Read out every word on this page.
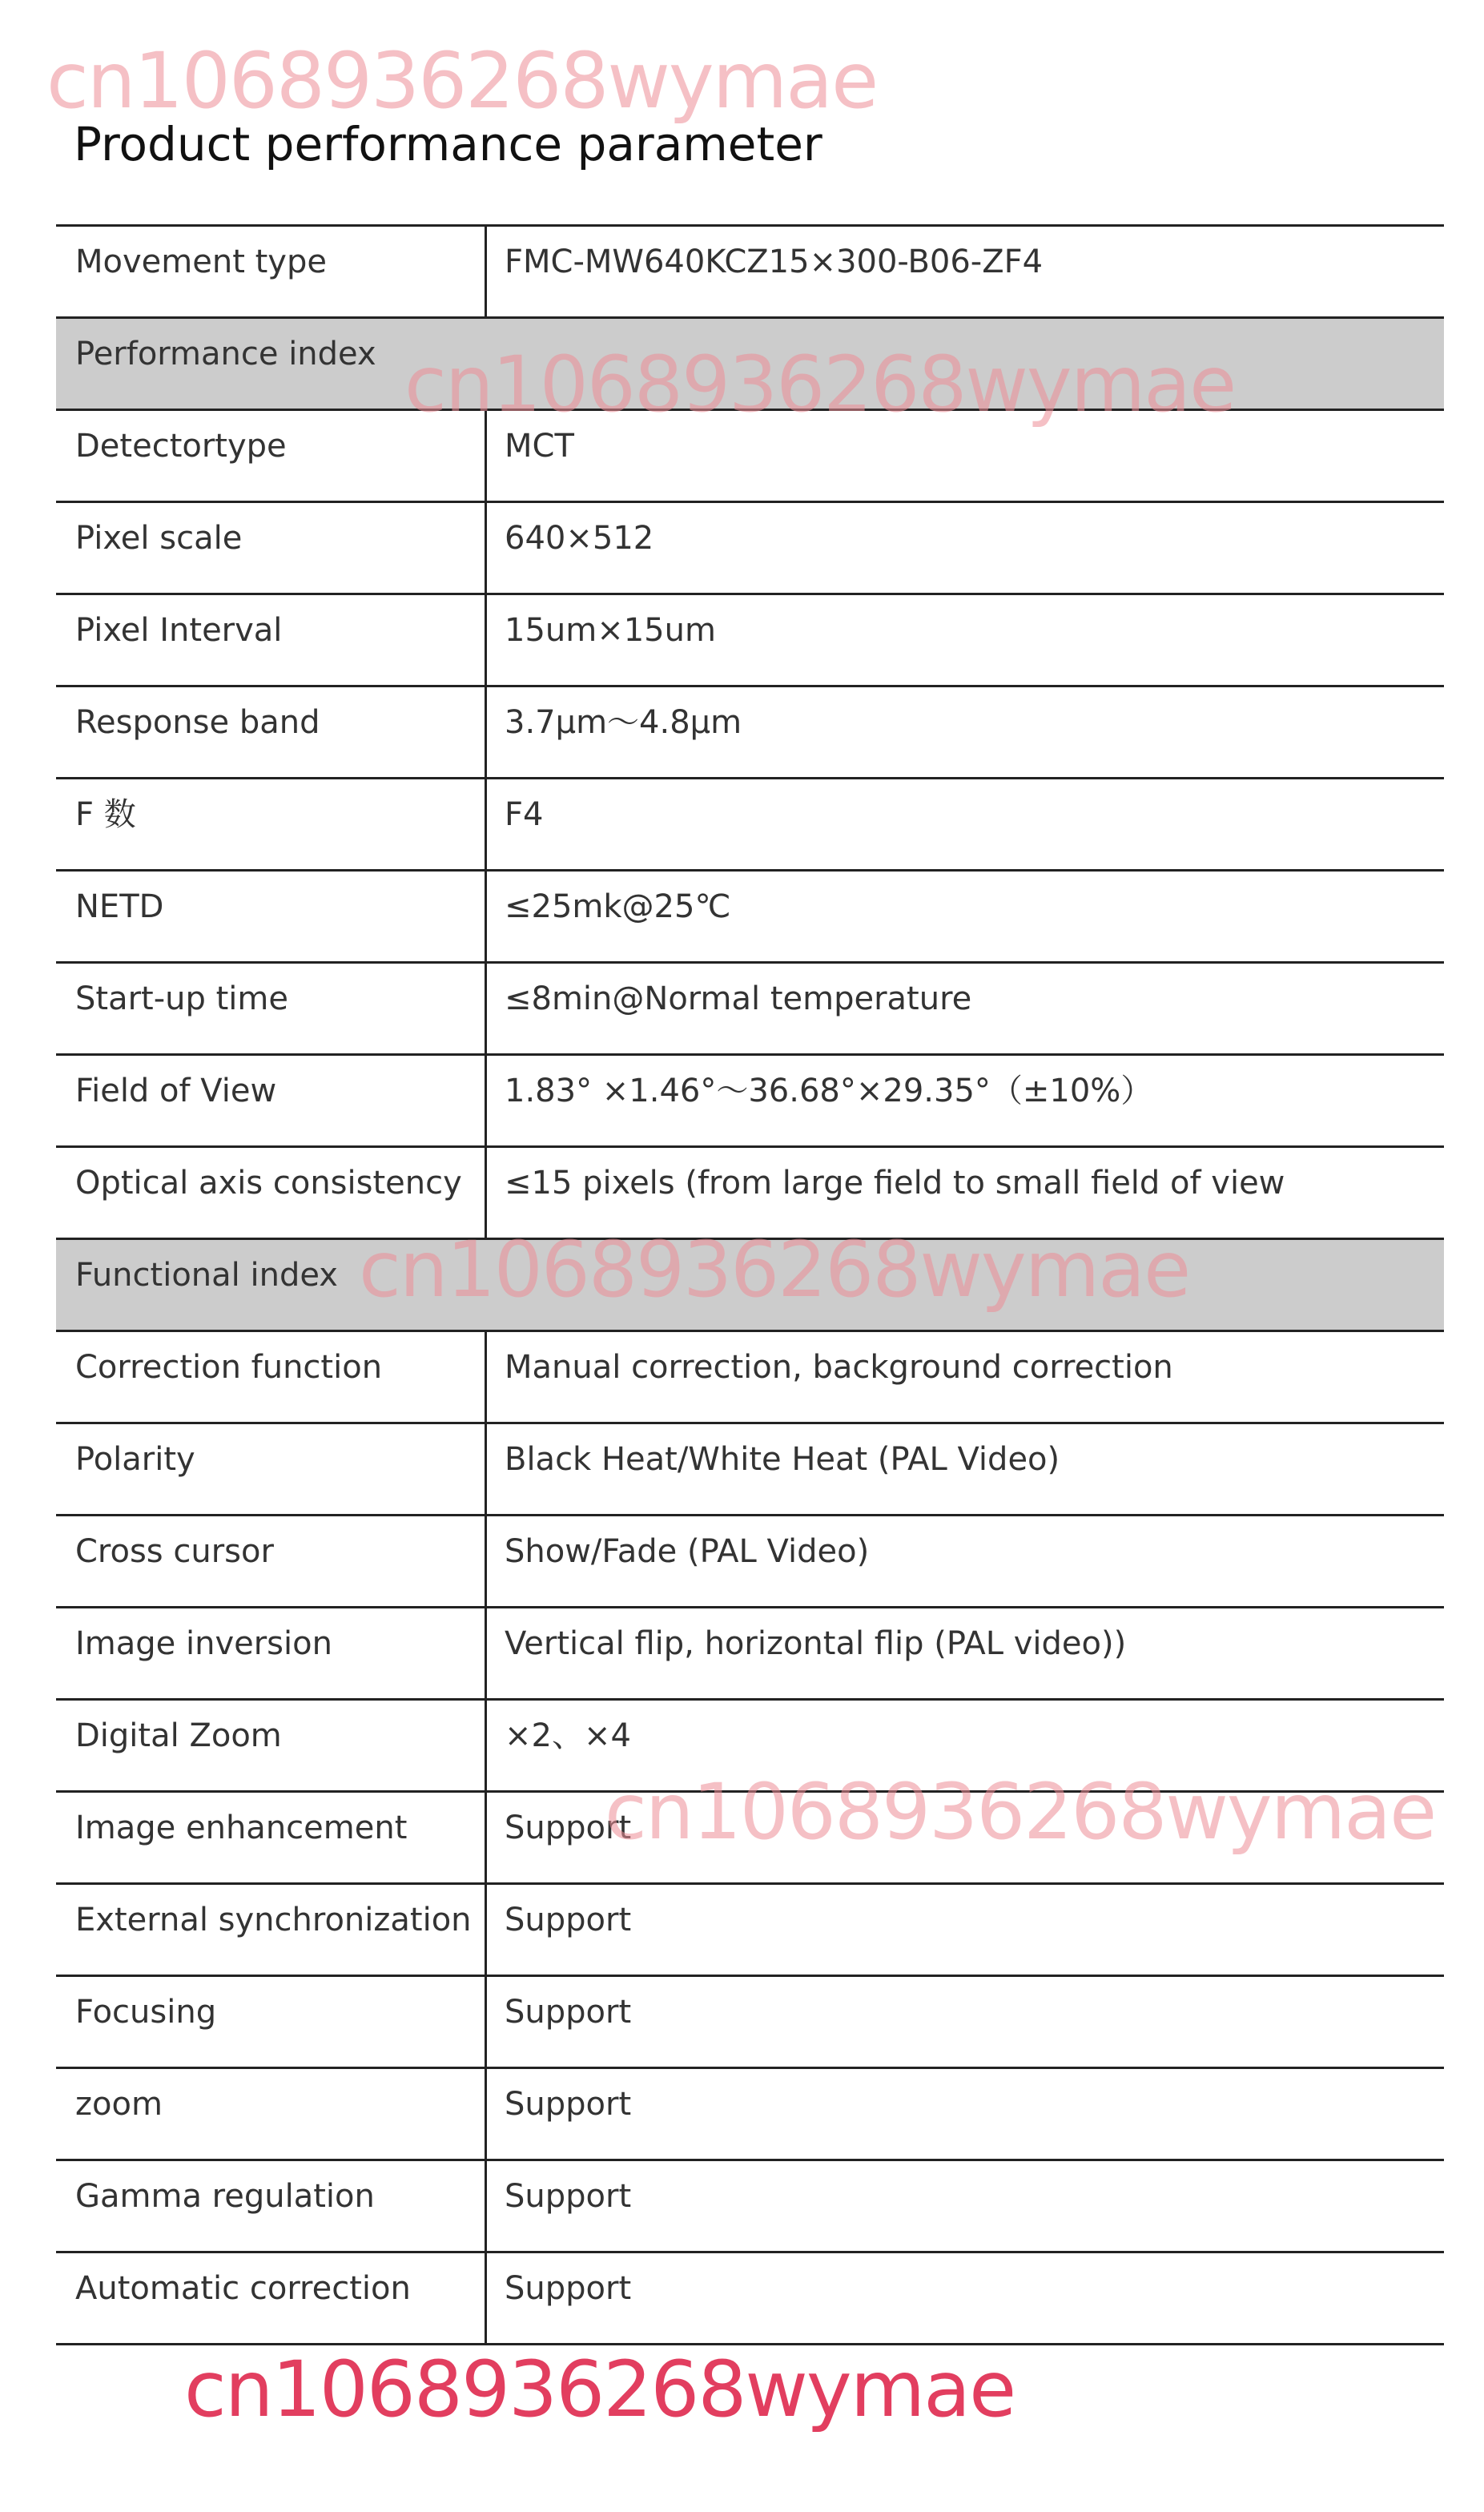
cn1068936268wymae
Product performance parameter
Movement type	FMC-MW640KCZ15×300-B06-ZF4
Performance index
Detectortype	MCT
Pixel scale	640×512
Pixel Interval	15um×15um
Response band	3.7μm～4.8μm
F 数	F4
NETD	≤25mk@25℃
Start-up time	≤8min@Normal temperature
Field of View	1.83° ×1.46°～36.68°×29.35°（±10%）
Optical axis consistency	≤15 pixels (from large field to small field of view
Functional index
Correction function	Manual correction, background correction
Polarity	Black Heat/White Heat (PAL Video)
Cross cursor	Show/Fade (PAL Video)
Image inversion	Vertical flip, horizontal flip (PAL video))
Digital Zoom	×2、×4
Image enhancement	Support
External synchronization	Support
Focusing	Support
zoom	Support
Gamma regulation	Support
Automatic correction	Support
cn1068936268wymae
cn1068936268wymae
cn1068936268wymae
cn1068936268wymae
